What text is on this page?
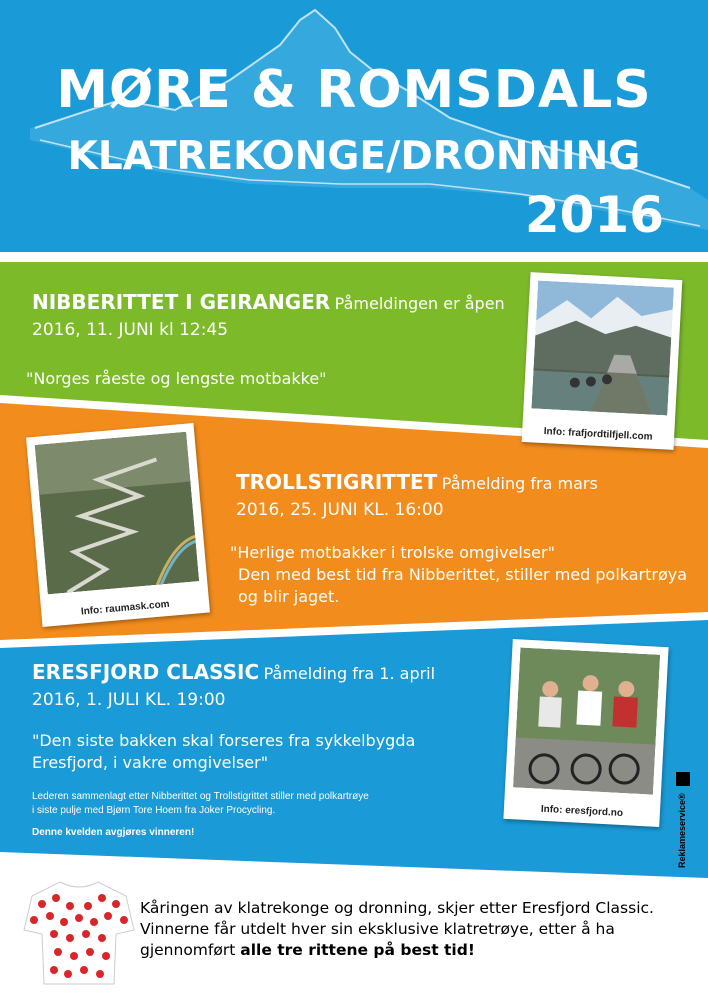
MØRE & ROMSDALS
KLATREKONGE/DRONNING
2016
NIBBERITTET I GEIRANGER Påmeldingen er åpen
2016, 11. JUNI kl 12:45
"Norges råeste og lengste motbakke"
Info: frafjordtilfjell.com
Info: raumask.com
TROLLSTIGRITTET Påmelding fra mars
2016, 25. JUNI KL. 16:00
"Herlige motbakker i trolske omgivelser"
Den med best tid fra Nibberittet, stiller med polkartrøya
og blir jaget.
ERESFJORD CLASSIC Påmelding fra 1. april
2016, 1. JULI KL. 19:00
"Den siste bakken skal forseres fra sykkelbygda
Eresfjord, i vakre omgivelser"
Lederen sammenlagt etter Nibberittet og Trollstigrittet stiller med polkartrøye
i siste pulje med Bjørn Tore Hoem fra Joker Procycling.
Denne kvelden avgjøres vinneren!
Info: eresfjord.no	Reklameservice®
Kåringen av klatrekonge og dronning, skjer etter Eresfjord Classic.
Vinnerne får utdelt hver sin eksklusive klatretrøye, etter å ha
gjennomført alle tre rittene på best tid!
